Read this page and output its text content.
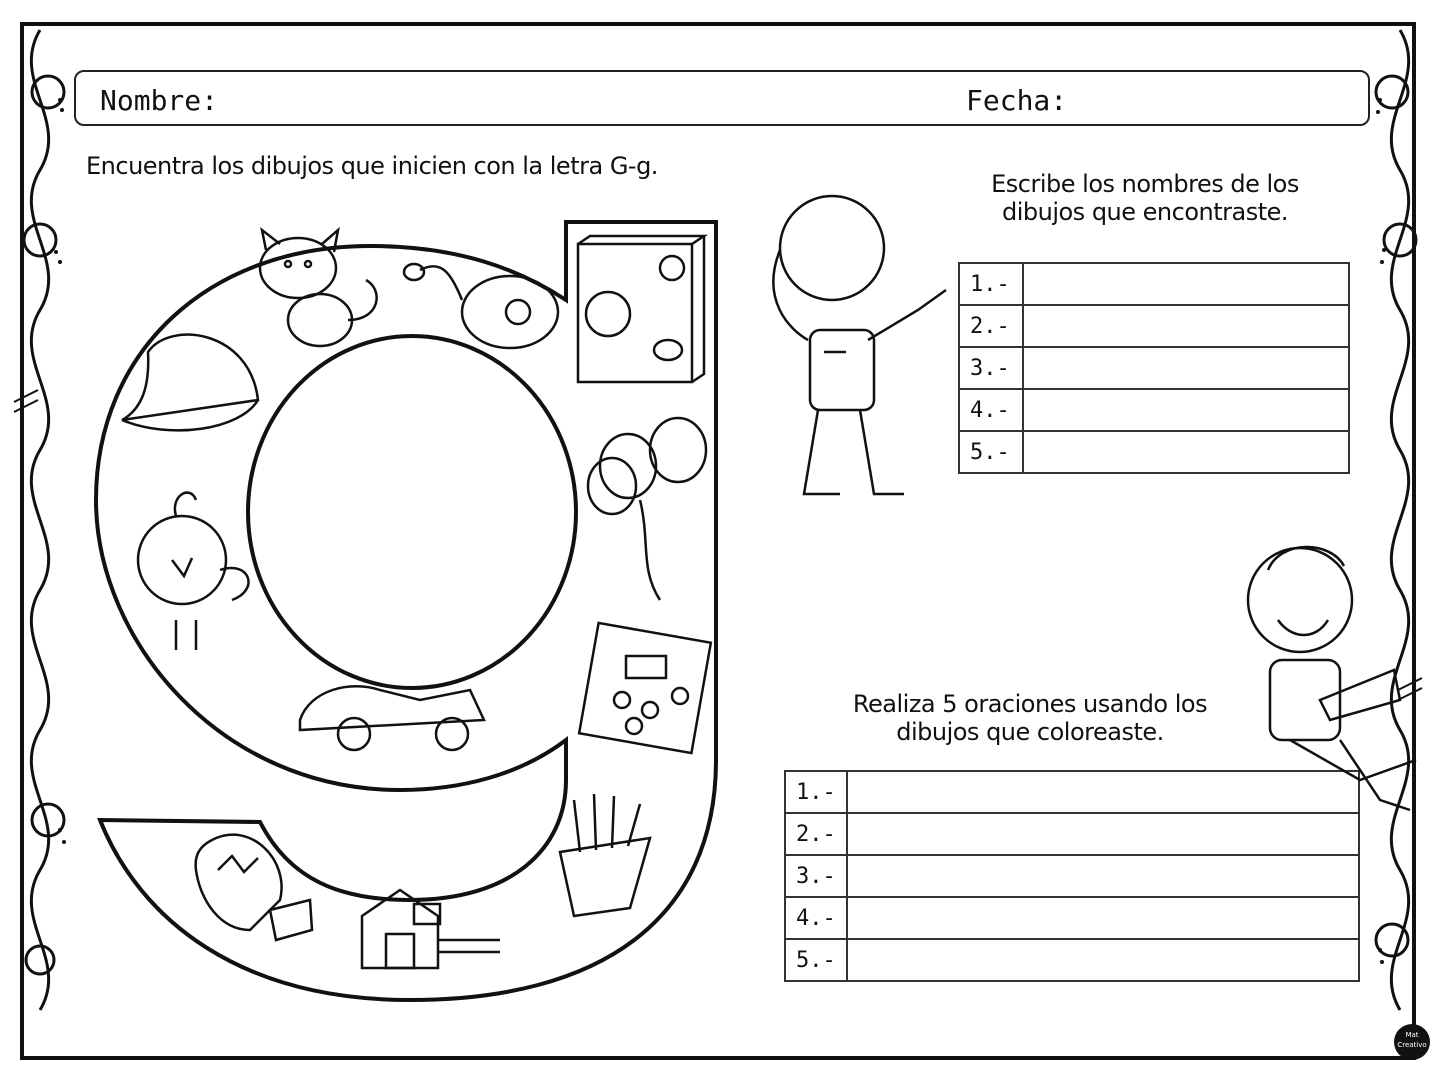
Nombre:	Fecha:
Encuentra los dibujos que inicien con la letra G-g.
Escribe los nombres de los
dibujos que encontraste.
Realiza 5 oraciones usando los
dibujos que coloreaste.
1.-	
2.-	
3.-	
4.-	
5.-	
1.-	
2.-	
3.-	
4.-	
5.-	
Mat Creativo
